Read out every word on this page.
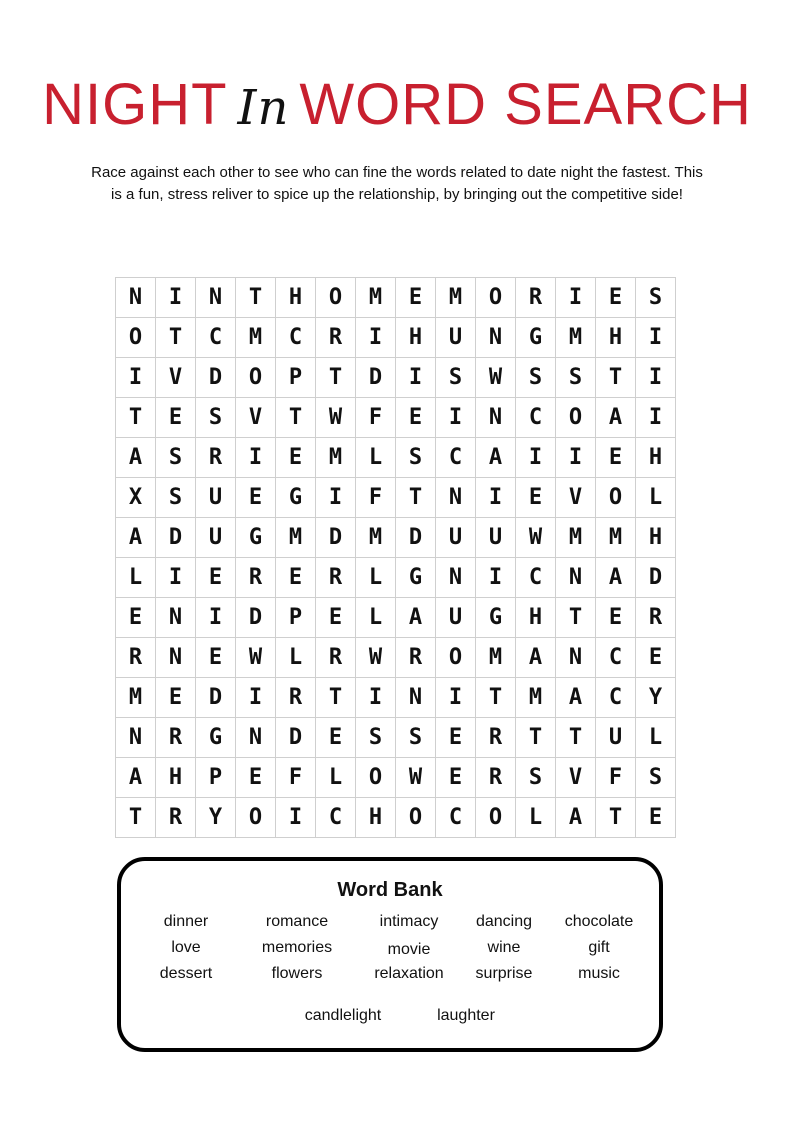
NIGHT In WORD SEARCH
Race against each other to see who can fine the words related to date night the fastest. This is a fun, stress reliver to spice up the relationship, by bringing out the competitive side!
N	I	N	T	H	O	M	E	M	O	R	I	E	S
O	T	C	M	C	R	I	H	U	N	G	M	H	I
I	V	D	O	P	T	D	I	S	W	S	S	T	I
T	E	S	V	T	W	F	E	I	N	C	O	A	I
A	S	R	I	E	M	L	S	C	A	I	I	E	H
X	S	U	E	G	I	F	T	N	I	E	V	O	L
A	D	U	G	M	D	M	D	U	U	W	M	M	H
L	I	E	R	E	R	L	G	N	I	C	N	A	D
E	N	I	D	P	E	L	A	U	G	H	T	E	R
R	N	E	W	L	R	W	R	O	M	A	N	C	E
M	E	D	I	R	T	I	N	I	T	M	A	C	Y
N	R	G	N	D	E	S	S	E	R	T	T	U	L
A	H	P	E	F	L	O	W	E	R	S	V	F	S
T	R	Y	O	I	C	H	O	C	O	L	A	T	E
Word Bank
dinner	romance	intimacy	dancing	chocolate
love	memories	movie	wine	gift
dessert	flowers	relaxation	surprise	music
candlelight	laughter
